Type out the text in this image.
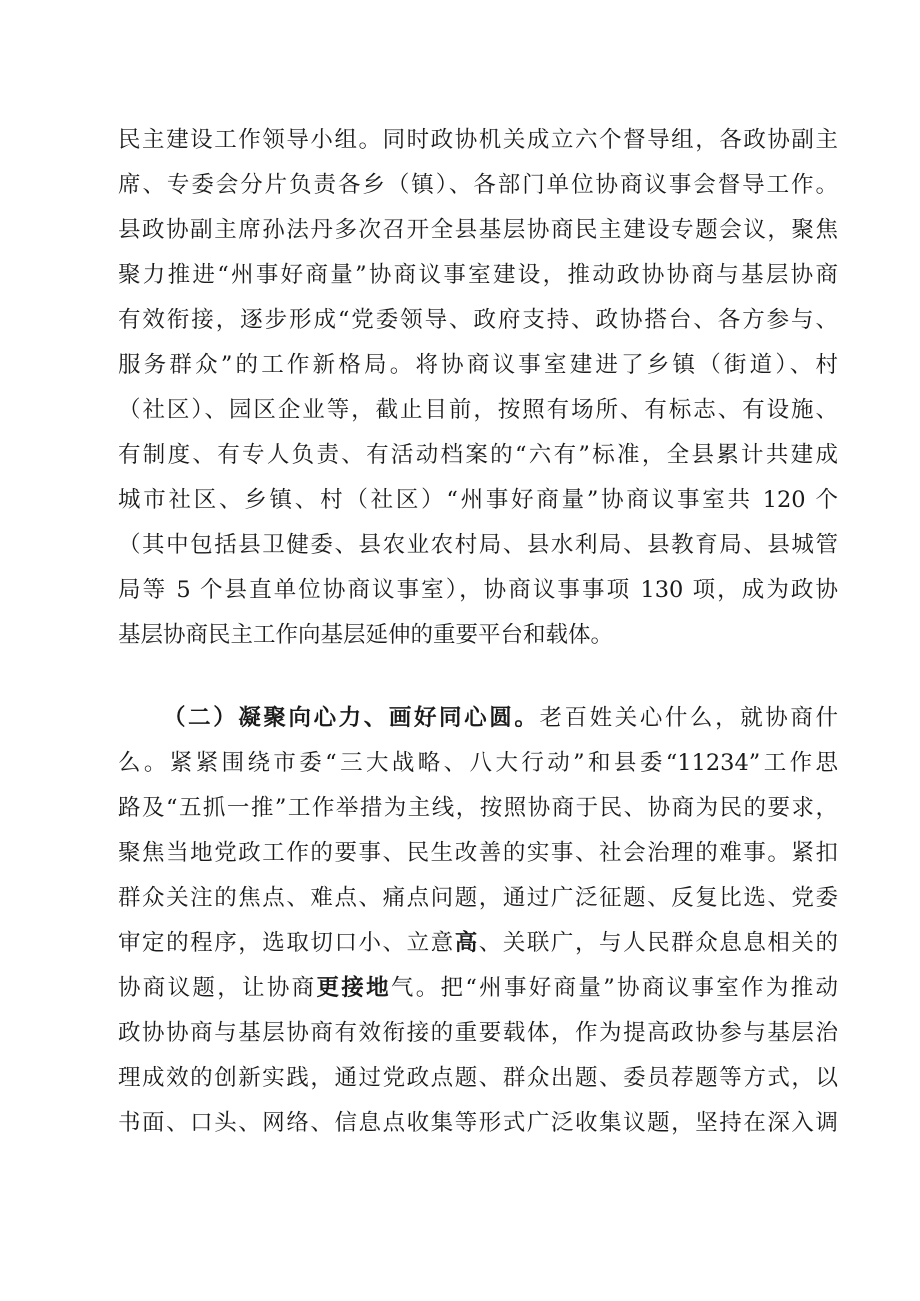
民主建设工作领导小组。同时政协机关成立六个督导组，各政协副主
席、专委会分片负责各乡（镇）、各部门单位协商议事会督导工作。
县政协副主席孙法丹多次召开全县基层协商民主建设专题会议，聚焦
聚力推进“州事好商量”协商议事室建设，推动政协协商与基层协商
有效衔接，逐步形成“党委领导、政府支持、政协搭台、各方参与、
服务群众”的工作新格局。将协商议事室建进了乡镇（街道）、村
（社区）、园区企业等，截止目前，按照有场所、有标志、有设施、
有制度、有专人负责、有活动档案的“六有”标准，全县累计共建成
城市社区、乡镇、村（社区）“州事好商量”协商议事室共 120 个
（其中包括县卫健委、县农业农村局、县水利局、县教育局、县城管
局等 5 个县直单位协商议事室），协商议事事项 130 项，成为政协
基层协商民主工作向基层延伸的重要平台和载体。
（二）凝聚向心力、画好同心圆。老百姓关心什么，就协商什
么。紧紧围绕市委“三大战略、八大行动”和县委“11234”工作思
路及“五抓一推”工作举措为主线，按照协商于民、协商为民的要求，
聚焦当地党政工作的要事、民生改善的实事、社会治理的难事。紧扣
群众关注的焦点、难点、痛点问题，通过广泛征题、反复比选、党委
审定的程序，选取切口小、立意高、关联广，与人民群众息息相关的
协商议题，让协商更接地气。把“州事好商量”协商议事室作为推动
政协协商与基层协商有效衔接的重要载体，作为提高政协参与基层治
理成效的创新实践，通过党政点题、群众出题、委员荐题等方式，以
书面、口头、网络、信息点收集等形式广泛收集议题，坚持在深入调
